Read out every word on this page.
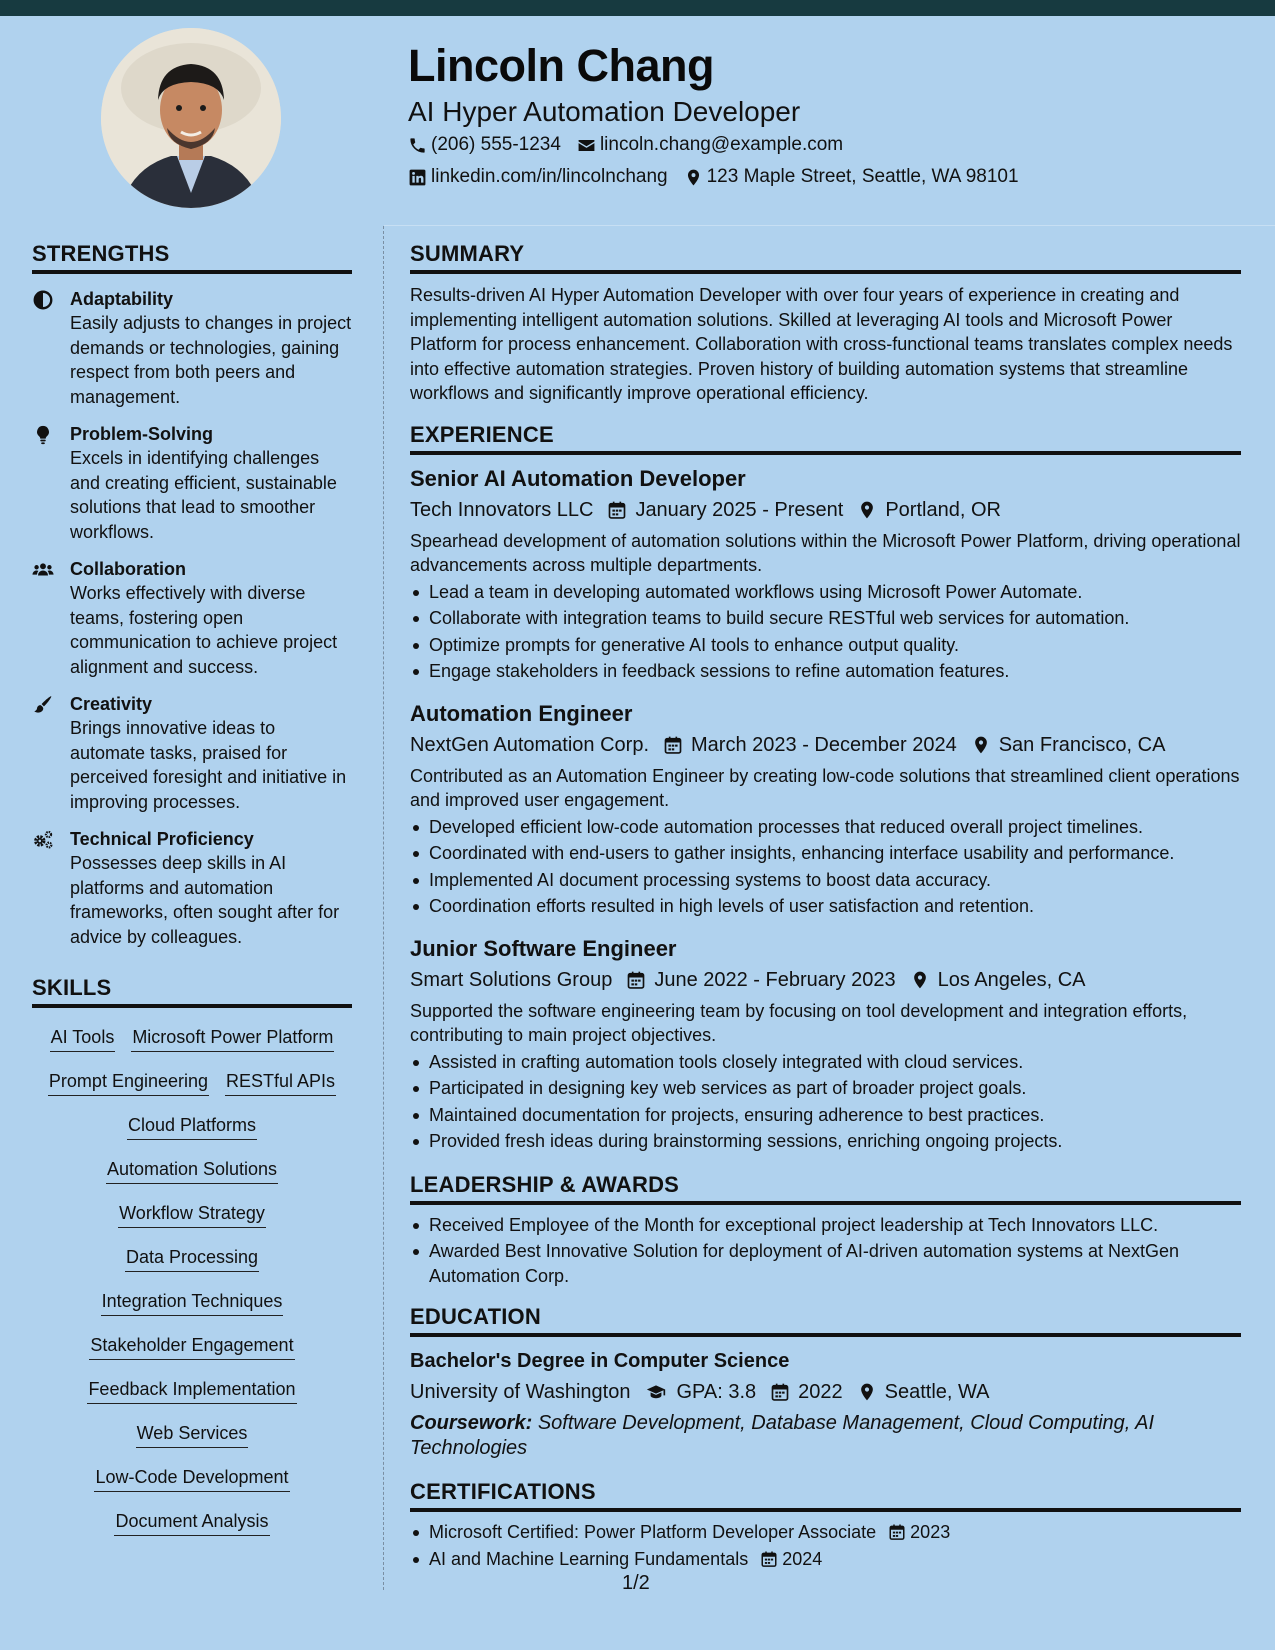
Lincoln Chang
AI Hyper Automation Developer
(206) 555-1234 lincoln.chang@example.com
linkedin.com/in/lincolnchang 123 Maple Street, Seattle, WA 98101
STRENGTHS
Adaptability
Easily adjusts to changes in project demands or technologies, gaining respect from both peers and management.
Problem-Solving
Excels in identifying challenges and creating efficient, sustainable solutions that lead to smoother workflows.
Collaboration
Works effectively with diverse teams, fostering open communication to achieve project alignment and success.
Creativity
Brings innovative ideas to automate tasks, praised for perceived foresight and initiative in improving processes.
Technical Proficiency
Possesses deep skills in AI platforms and automation frameworks, often sought after for advice by colleagues.
SKILLS
AI Tools Microsoft Power Platform
Prompt Engineering RESTful APIs
Cloud Platforms
Automation Solutions
Workflow Strategy
Data Processing
Integration Techniques
Stakeholder Engagement
Feedback Implementation
Web Services
Low-Code Development
Document Analysis
SUMMARY
Results-driven AI Hyper Automation Developer with over four years of experience in creating and implementing intelligent automation solutions. Skilled at leveraging AI tools and Microsoft Power Platform for process enhancement. Collaboration with cross-functional teams translates complex needs into effective automation strategies. Proven history of building automation systems that streamline workflows and significantly improve operational efficiency.
EXPERIENCE
Senior AI Automation Developer
Tech Innovators LLC January 2025 - Present Portland, OR
Spearhead development of automation solutions within the Microsoft Power Platform, driving operational advancements across multiple departments.
Lead a team in developing automated workflows using Microsoft Power Automate.
Collaborate with integration teams to build secure RESTful web services for automation.
Optimize prompts for generative AI tools to enhance output quality.
Engage stakeholders in feedback sessions to refine automation features.
Automation Engineer
NextGen Automation Corp. March 2023 - December 2024 San Francisco, CA
Contributed as an Automation Engineer by creating low-code solutions that streamlined client operations and improved user engagement.
Developed efficient low-code automation processes that reduced overall project timelines.
Coordinated with end-users to gather insights, enhancing interface usability and performance.
Implemented AI document processing systems to boost data accuracy.
Coordination efforts resulted in high levels of user satisfaction and retention.
Junior Software Engineer
Smart Solutions Group June 2022 - February 2023 Los Angeles, CA
Supported the software engineering team by focusing on tool development and integration efforts, contributing to main project objectives.
Assisted in crafting automation tools closely integrated with cloud services.
Participated in designing key web services as part of broader project goals.
Maintained documentation for projects, ensuring adherence to best practices.
Provided fresh ideas during brainstorming sessions, enriching ongoing projects.
LEADERSHIP & AWARDS
Received Employee of the Month for exceptional project leadership at Tech Innovators LLC.
Awarded Best Innovative Solution for deployment of AI-driven automation systems at NextGen Automation Corp.
EDUCATION
Bachelor's Degree in Computer Science
University of Washington GPA: 3.8 2022 Seattle, WA
Coursework: Software Development, Database Management, Cloud Computing, AI Technologies
CERTIFICATIONS
Microsoft Certified: Power Platform Developer Associate 2023
AI and Machine Learning Fundamentals 2024
1/2
